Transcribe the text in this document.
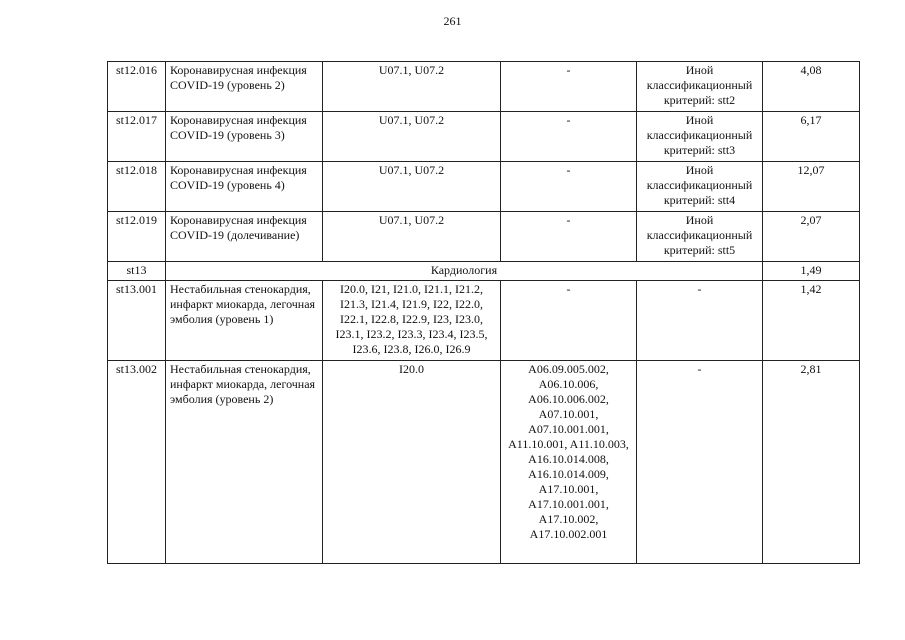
261
st12.016	Коронавирусная инфекция COVID-19 (уровень 2)	U07.1, U07.2	-	Иной классификационный критерий: stt2	4,08
st12.017	Коронавирусная инфекция COVID-19 (уровень 3)	U07.1, U07.2	-	Иной классификационный критерий: stt3	6,17
st12.018	Коронавирусная инфекция COVID-19 (уровень 4)	U07.1, U07.2	-	Иной классификационный критерий: stt4	12,07
st12.019	Коронавирусная инфекция COVID-19 (долечивание)	U07.1, U07.2	-	Иной классификационный критерий: stt5	2,07
st13	Кардиология				1,49
st13.001	Нестабильная стенокардия, инфаркт миокарда, легочная эмболия (уровень 1)	I20.0, I21, I21.0, I21.1, I21.2, I21.3, I21.4, I21.9, I22, I22.0, I22.1, I22.8, I22.9, I23, I23.0, I23.1, I23.2, I23.3, I23.4, I23.5, I23.6, I23.8, I26.0, I26.9	-	-	1,42
st13.002	Нестабильная стенокардия, инфаркт миокарда, легочная эмболия (уровень 2)	I20.0	A06.09.005.002, A06.10.006, A06.10.006.002, A07.10.001, A07.10.001.001, A11.10.001, A11.10.003, A16.10.014.008, A16.10.014.009, A17.10.001, A17.10.001.001, A17.10.002, A17.10.002.001	-	2,81
